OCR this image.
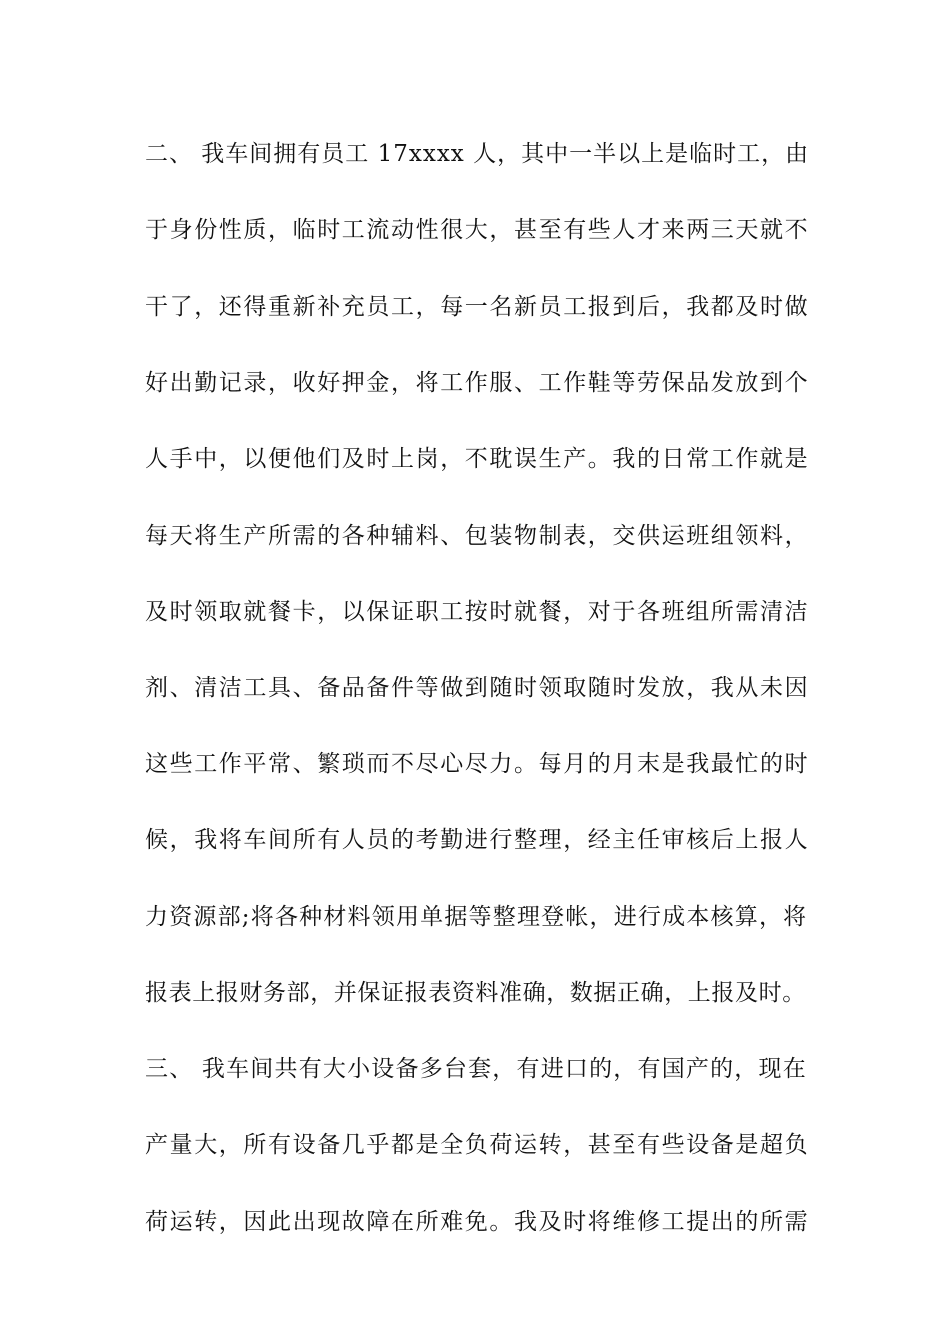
二、 我车间拥有员工 17xxxx 人，其中一半以上是临时工，由
于身份性质，临时工流动性很大，甚至有些人才来两三天就不
干了，还得重新补充员工，每一名新员工报到后，我都及时做
好出勤记录，收好押金，将工作服、工作鞋等劳保品发放到个
人手中，以便他们及时上岗，不耽误生产。我的日常工作就是
每天将生产所需的各种辅料、包装物制表，交供运班组领料，
及时领取就餐卡，以保证职工按时就餐，对于各班组所需清洁
剂、清洁工具、备品备件等做到随时领取随时发放，我从未因
这些工作平常、繁琐而不尽心尽力。每月的月末是我最忙的时
候，我将车间所有人员的考勤进行整理，经主任审核后上报人
力资源部;将各种材料领用单据等整理登帐，进行成本核算，将
报表上报财务部，并保证报表资料准确，数据正确，上报及时。
三、 我车间共有大小设备多台套，有进口的，有国产的，现在
产量大，所有设备几乎都是全负荷运转，甚至有些设备是超负
荷运转，因此出现故障在所难免。我及时将维修工提出的所需
